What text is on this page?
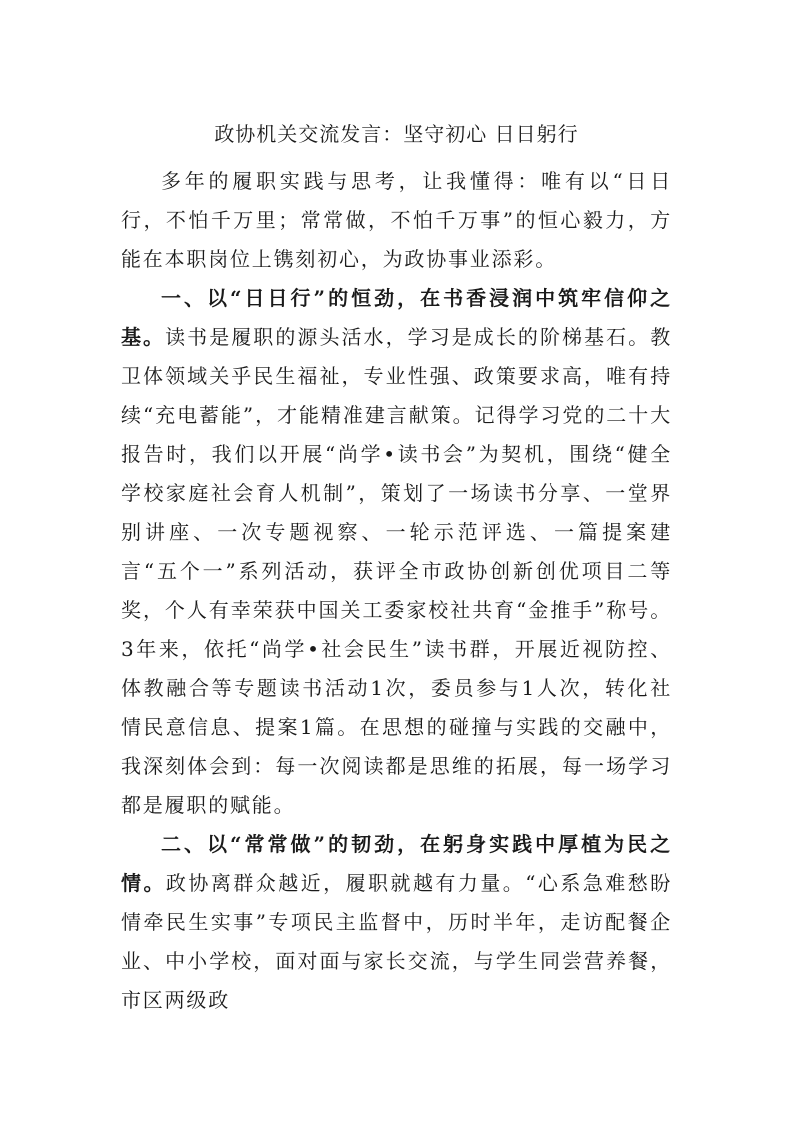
政协机关交流发言：坚守初心 日日躬行

多年的履职实践与思考，让我懂得：唯有以“日日行，不怕千万里；常常做，不怕千万事”的恒心毅力，方能在本职岗位上镌刻初心，为政协事业添彩。

一、以“日日行”的恒劲，在书香浸润中筑牢信仰之基。读书是履职的源头活水，学习是成长的阶梯基石。教卫体领域关乎民生福祉，专业性强、政策要求高，唯有持续“充电蓄能”，才能精准建言献策。记得学习党的二十大报告时，我们以开展“尚学•读书会”为契机，围绕“健全学校家庭社会育人机制”，策划了一场读书分享、一堂界别讲座、一次专题视察、一轮示范评选、一篇提案建言“五个一”系列活动，获评全市政协创新创优项目二等奖，个人有幸荣获中国关工委家校社共育“金推手”称号。3年来，依托“尚学•社会民生”读书群，开展近视防控、体教融合等专题读书活动1次，委员参与1人次，转化社情民意信息、提案1篇。在思想的碰撞与实践的交融中，我深刻体会到：每一次阅读都是思维的拓展，每一场学习都是履职的赋能。

二、以“常常做”的韧劲，在躬身实践中厚植为民之情。政协离群众越近，履职就越有力量。“心系急难愁盼情牵民生实事”专项民主监督中，历时半年，走访配餐企业、中小学校，面对面与家长交流，与学生同尝营养餐，市区两级政
